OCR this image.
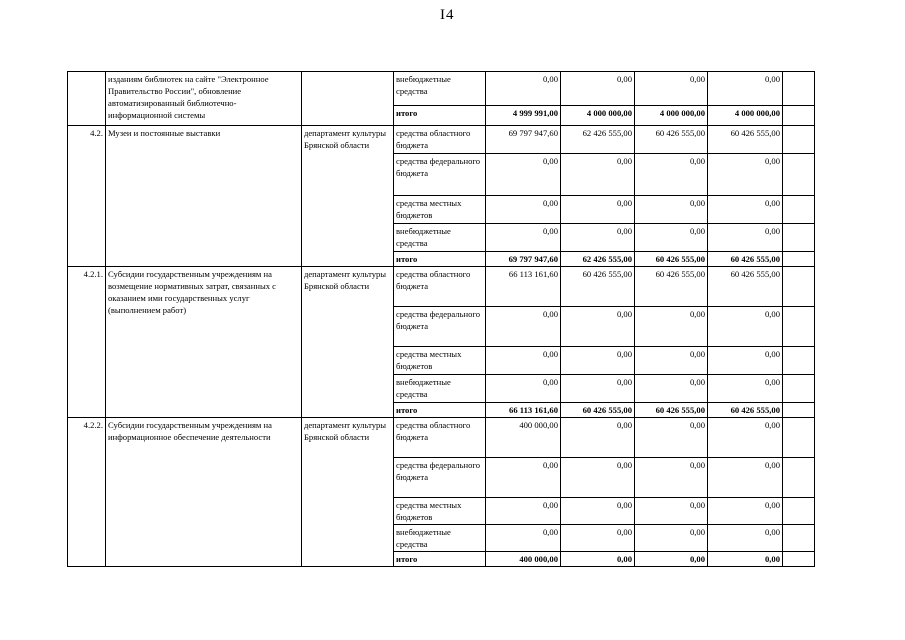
I4
	изданиям библиотек на сайте "Электронное Правительство России", обновление автоматизированный библиотечно-информационной системы		внебюджетные средства	0,00	0,00	0,00	0,00	
			итого	4 999 991,00	4 000 000,00	4 000 000,00	4 000 000,00	
4.2.	Музеи и постоянные выставки	департамент культуры Брянской области	средства областного бюджета	69 797 947,60	62 426 555,00	60 426 555,00	60 426 555,00	
			средства федерального бюджета	0,00	0,00	0,00	0,00	
			средства местных бюджетов	0,00	0,00	0,00	0,00	
			внебюджетные средства	0,00	0,00	0,00	0,00	
			итого	69 797 947,60	62 426 555,00	60 426 555,00	60 426 555,00	
4.2.1.	Субсидии государственным учреждениям на возмещение нормативных затрат, связанных с оказанием ими государственных услуг (выполнением работ)	департамент культуры Брянской области	средства областного бюджета	66 113 161,60	60 426 555,00	60 426 555,00	60 426 555,00	
			средства федерального бюджета	0,00	0,00	0,00	0,00	
			средства местных бюджетов	0,00	0,00	0,00	0,00	
			внебюджетные средства	0,00	0,00	0,00	0,00	
			итого	66 113 161,60	60 426 555,00	60 426 555,00	60 426 555,00	
4.2.2.	Субсидии государственным учреждениям на информационное обеспечение деятельности	департамент культуры Брянской области	средства областного бюджета	400 000,00	0,00	0,00	0,00	
			средства федерального бюджета	0,00	0,00	0,00	0,00	
			средства местных бюджетов	0,00	0,00	0,00	0,00	
			внебюджетные средства	0,00	0,00	0,00	0,00	
			итого	400 000,00	0,00	0,00	0,00	
